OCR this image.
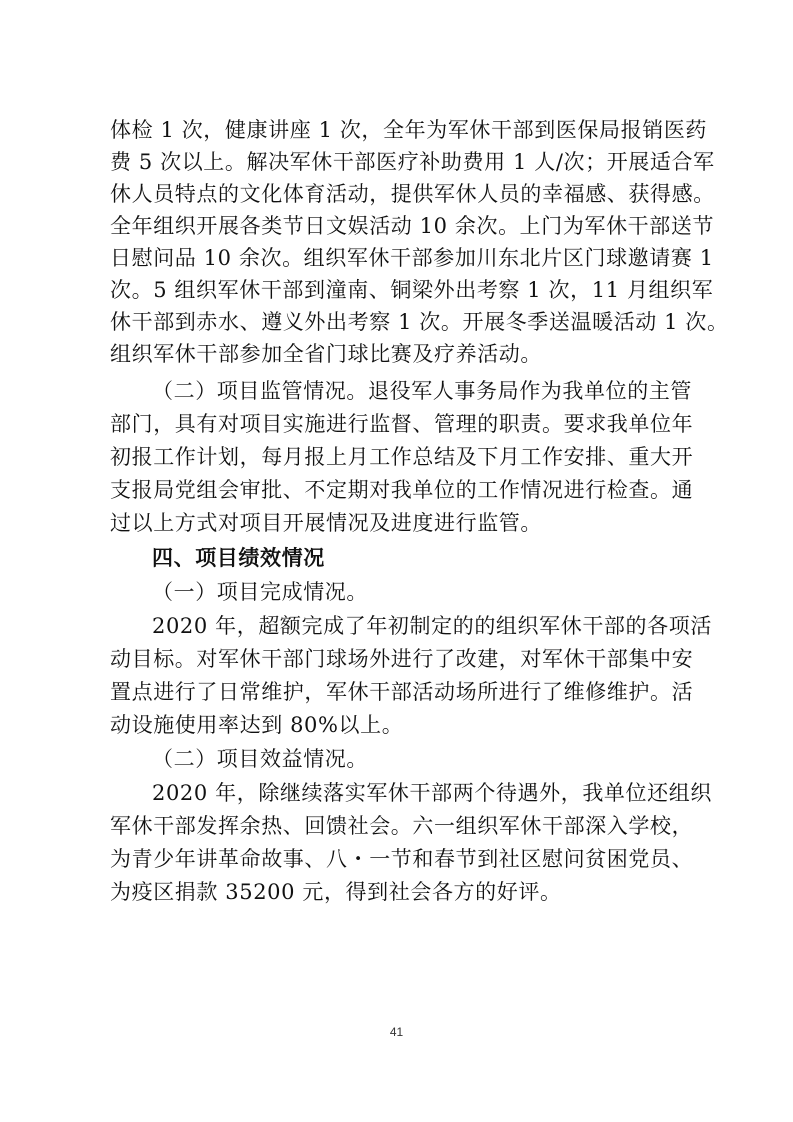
体检 1 次，健康讲座 1 次，全年为军休干部到医保局报销医药
费 5 次以上。解决军休干部医疗补助费用 1 人/次；开展适合军
休人员特点的文化体育活动，提供军休人员的幸福感、获得感。
全年组织开展各类节日文娱活动 10 余次。上门为军休干部送节
日慰问品 10 余次。组织军休干部参加川东北片区门球邀请赛 1
次。5 组织军休干部到潼南、铜梁外出考察 1 次，11 月组织军
休干部到赤水、遵义外出考察 1 次。开展冬季送温暖活动 1 次。
组织军休干部参加全省门球比赛及疗养活动。
（二）项目监管情况。退役军人事务局作为我单位的主管
部门，具有对项目实施进行监督、管理的职责。要求我单位年
初报工作计划，每月报上月工作总结及下月工作安排、重大开
支报局党组会审批、不定期对我单位的工作情况进行检查。通
过以上方式对项目开展情况及进度进行监管。
四、项目绩效情况
（一）项目完成情况。
2020 年，超额完成了年初制定的的组织军休干部的各项活
动目标。对军休干部门球场外进行了改建，对军休干部集中安
置点进行了日常维护，军休干部活动场所进行了维修维护。活
动设施使用率达到 80%以上。
（二）项目效益情况。
2020 年，除继续落实军休干部两个待遇外，我单位还组织
军休干部发挥余热、回馈社会。六一组织军休干部深入学校，
为青少年讲革命故事、八・一节和春节到社区慰问贫困党员、
为疫区捐款 35200 元，得到社会各方的好评。
41
